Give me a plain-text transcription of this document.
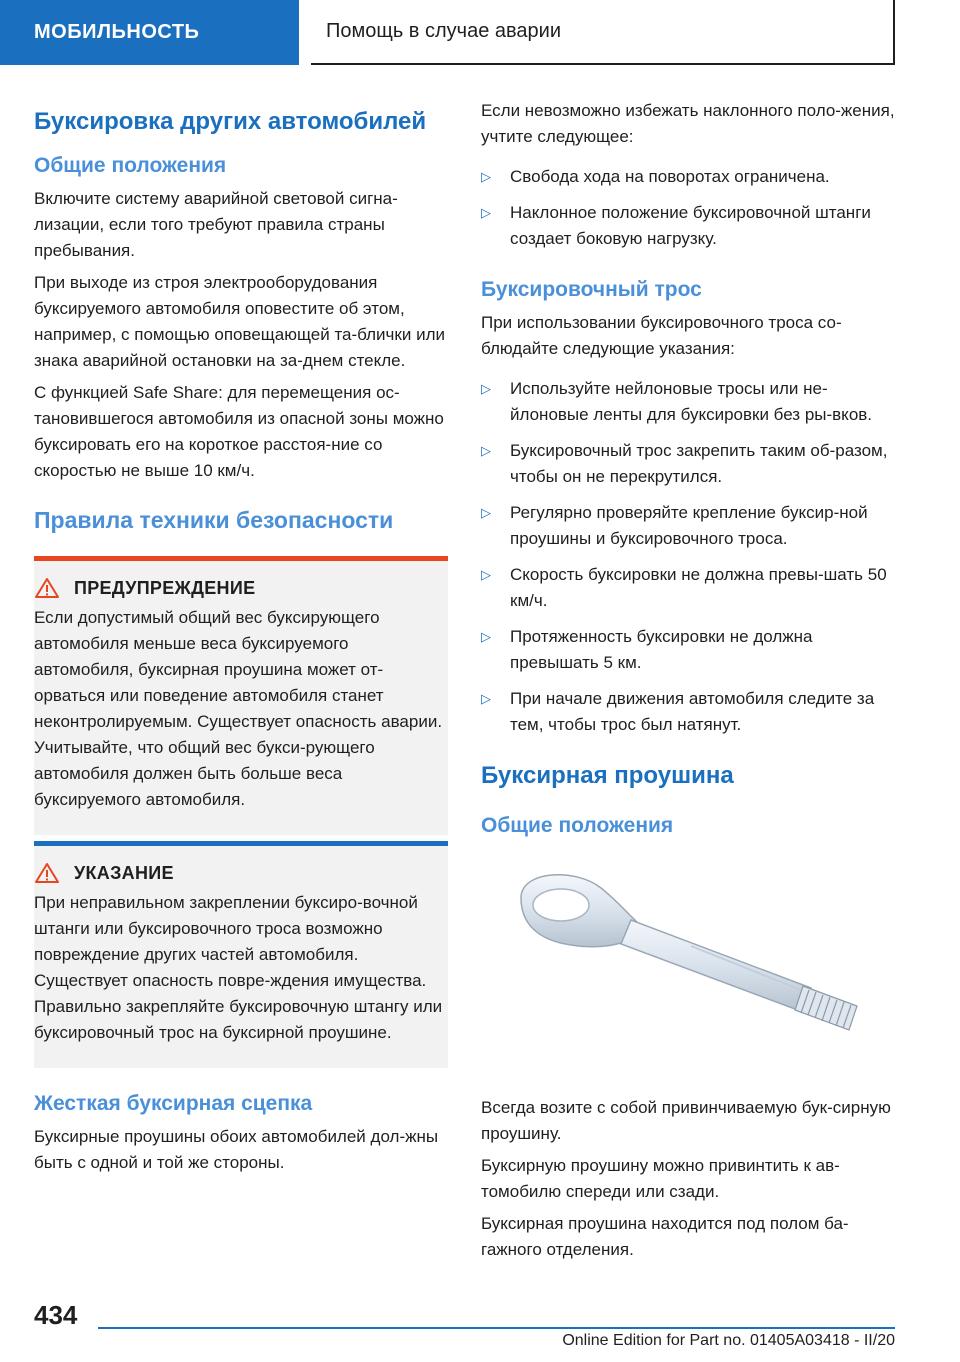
МОБИЛЬНОСТЬ	Помощь в случае аварии
Буксировка других автомобилей
Общие положения

Включите систему аварийной световой сигна-лизации, если того требуют правила страны пребывания.

При выходе из строя электрооборудования буксируемого автомобиля оповестите об этом, например, с помощью оповещающей та-блички или знака аварийной остановки на за-днем стекле.

С функцией Safe Share: для перемещения ос-тановившегося автомобиля из опасной зоны можно буксировать его на короткое расстоя-ние со скоростью не выше 10 км/ч.

Правила техники безопасности
ПРЕДУПРЕЖДЕНИЕ

Если допустимый общий вес буксирующего автомобиля меньше веса буксируемого автомобиля, буксирная проушина может от-орваться или поведение автомобиля станет неконтролируемым. Существует опасность аварии. Учитывайте, что общий вес букси-рующего автомобиля должен быть больше веса буксируемого автомобиля.

УКАЗАНИЕ

При неправильном закреплении буксиро-вочной штанги или буксировочного троса возможно повреждение других частей автомобиля. Существует опасность повре-ждения имущества. Правильно закрепляйте буксировочную штангу или буксировочный трос на буксирной проушине.

Жесткая буксирная сцепка

Буксирные проушины обоих автомобилей дол-жны быть с одной и той же стороны.

Если невозможно избежать наклонного поло-жения, учтите следующее:

▷	Свобода хода на поворотах ограничена.
▷	Наклонное положение буксировочной штанги создает боковую нагрузку.
Буксировочный трос

При использовании буксировочного троса со-блюдайте следующие указания:

▷	Используйте нейлоновые тросы или не-йлоновые ленты для буксировки без ры-вков.
▷	Буксировочный трос закрепить таким об-разом, чтобы он не перекрутился.
▷	Регулярно проверяйте крепление буксир-ной проушины и буксировочного троса.
▷	Скорость буксировки не должна превы-шать 50 км/ч.
▷	Протяженность буксировки не должна превышать 5 км.
▷	При начале движения автомобиля следите за тем, чтобы трос был натянут.
Буксирная проушина
Общие положения

Всегда возите с собой привинчиваемую бук-сирную проушину.

Буксирную проушину можно привинтить к ав-томобилю спереди или сзади.

Буксирная проушина находится под полом ба-гажного отделения.

434
Online Edition for Part no. 01405A03418 - II/20
